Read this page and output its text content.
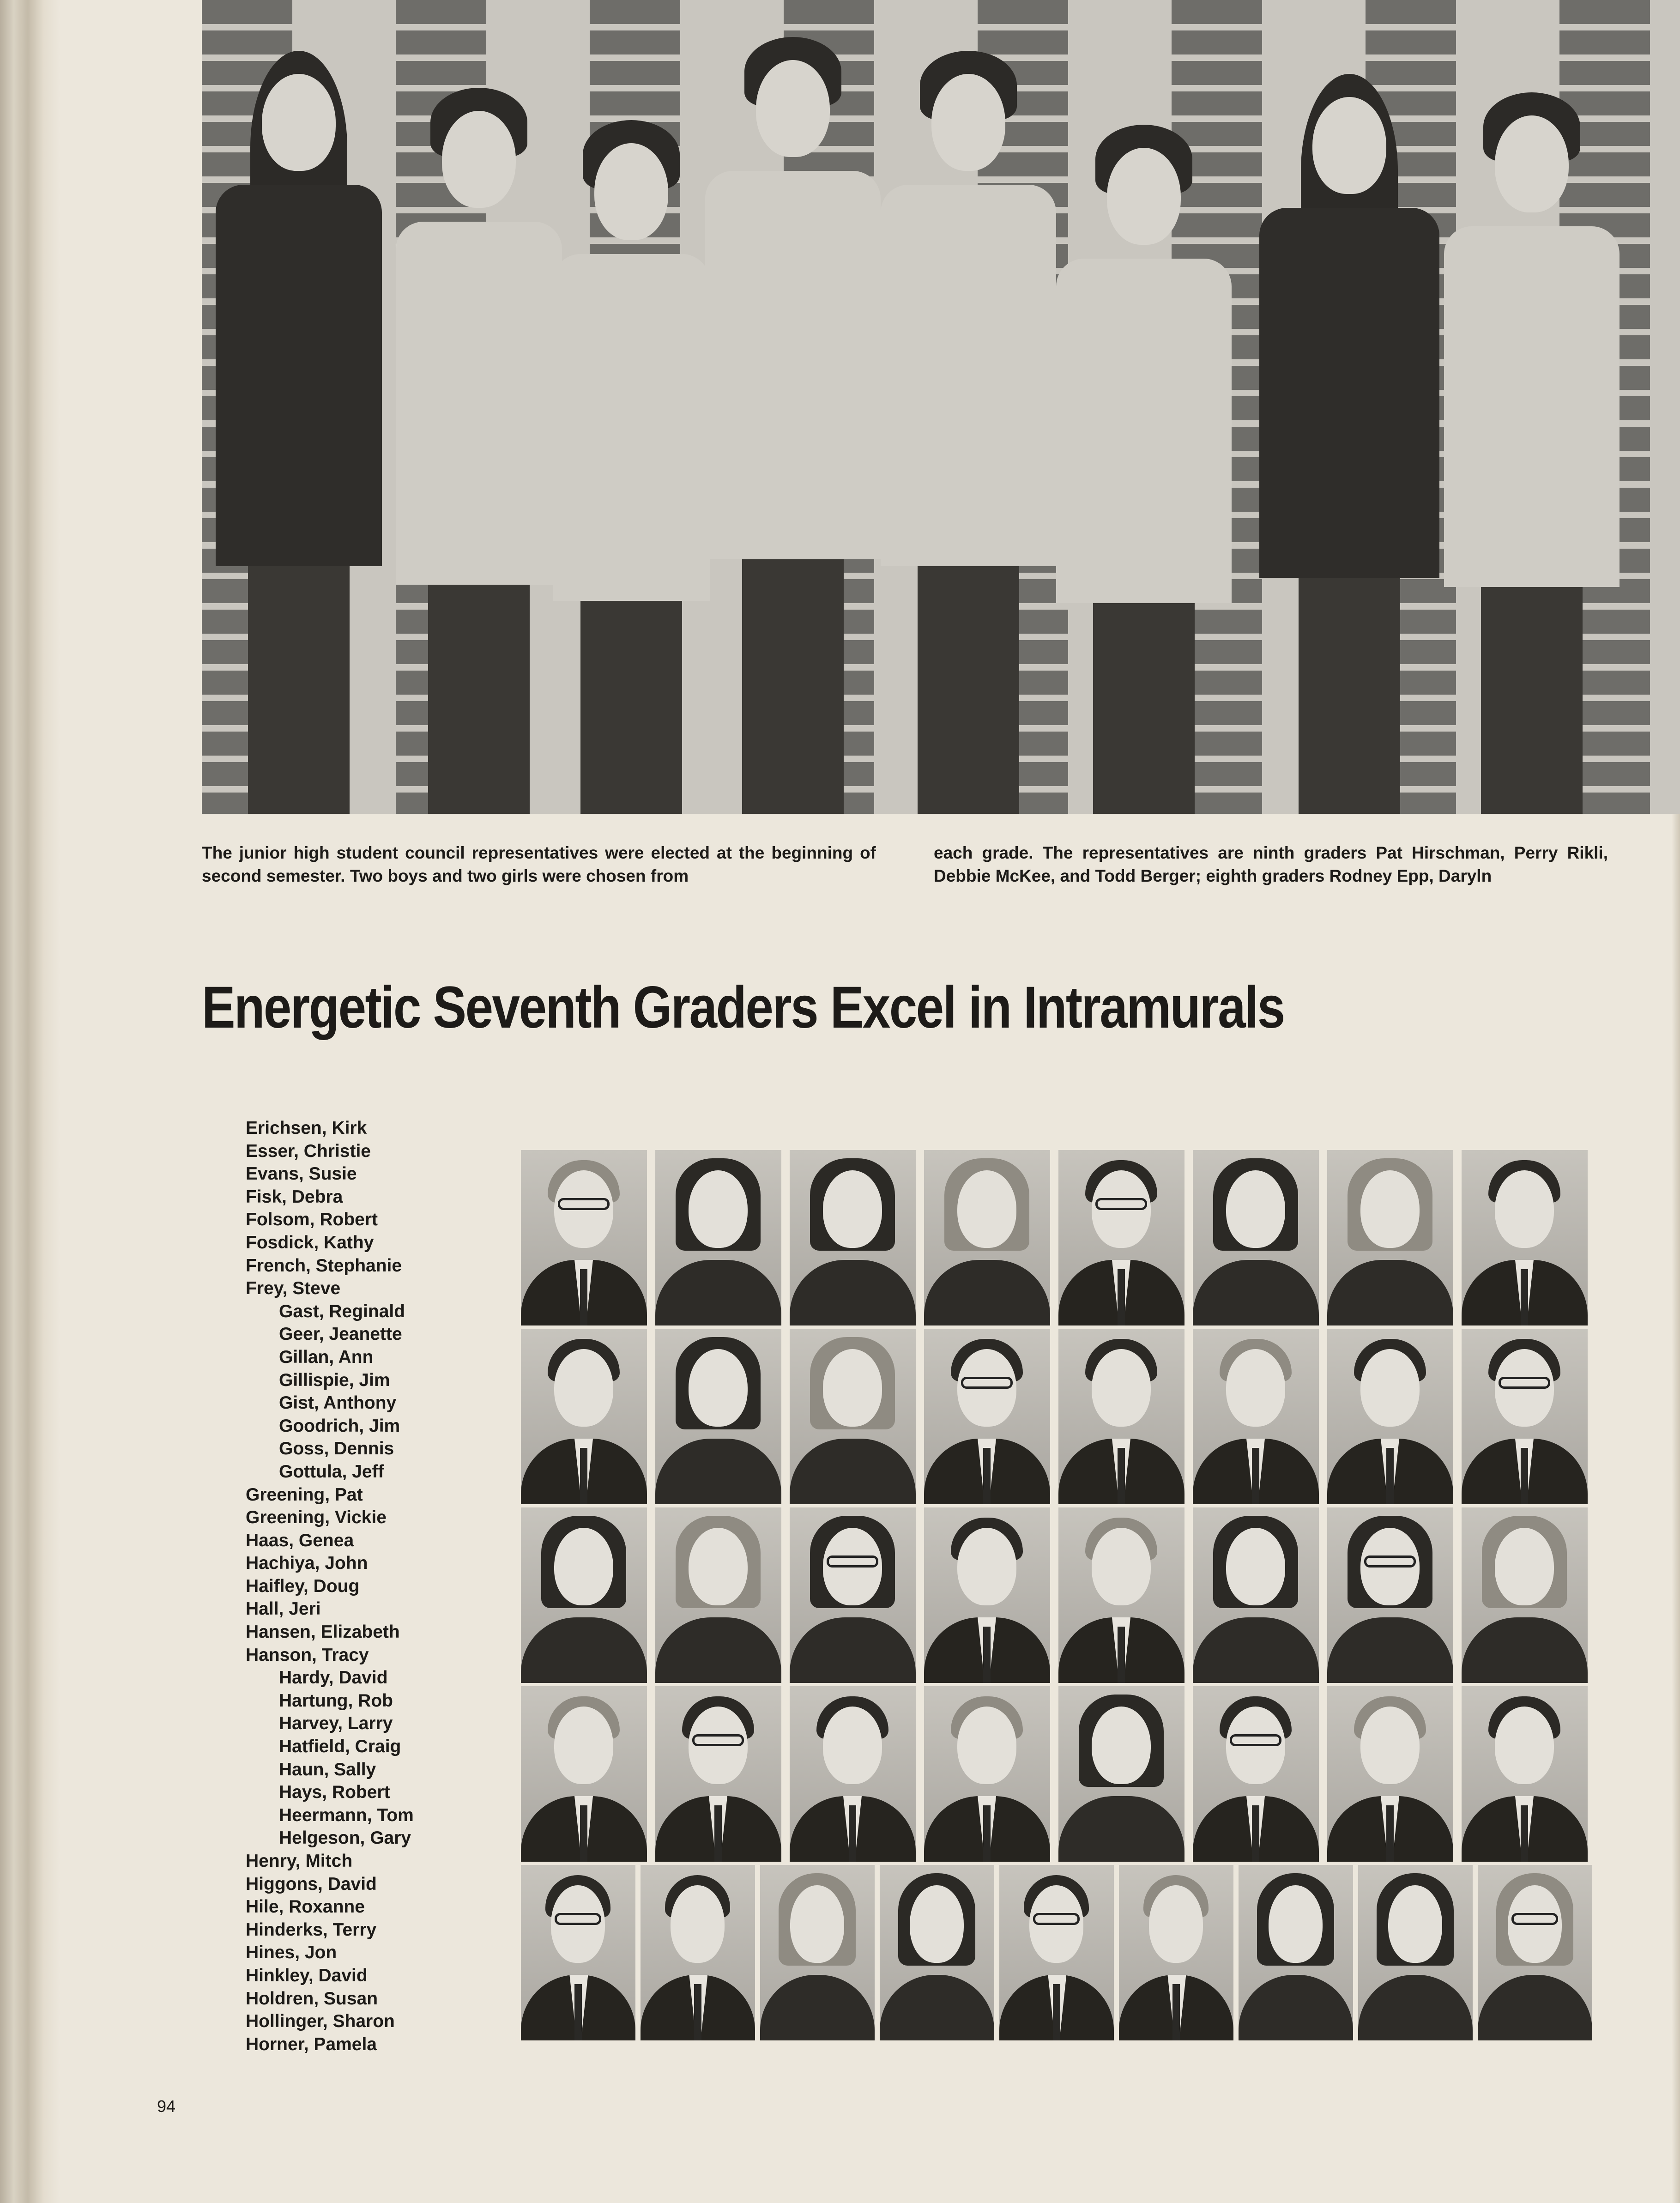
The junior high student council representatives were elected at the beginning of second semester. Two boys and two girls were chosen from
each grade. The representatives are ninth graders Pat Hirschman, Perry Rikli, Debbie McKee, and Todd Berger; eighth graders Rodney Epp, Daryln
Energetic Seventh Graders Excel in Intramurals
Erichsen, Kirk
Esser, Christie
Evans, Susie
Fisk, Debra
Folsom, Robert
Fosdick, Kathy
French, Stephanie
Frey, Steve
Gast, Reginald
Geer, Jeanette
Gillan, Ann
Gillispie, Jim
Gist, Anthony
Goodrich, Jim
Goss, Dennis
Gottula, Jeff
Greening, Pat
Greening, Vickie
Haas, Genea
Hachiya, John
Haifley, Doug
Hall, Jeri
Hansen, Elizabeth
Hanson, Tracy
Hardy, David
Hartung, Rob
Harvey, Larry
Hatfield, Craig
Haun, Sally
Hays, Robert
Heermann, Tom
Helgeson, Gary
Henry, Mitch
Higgons, David
Hile, Roxanne
Hinderks, Terry
Hines, Jon
Hinkley, David
Holdren, Susan
Hollinger, Sharon
Horner, Pamela
94
